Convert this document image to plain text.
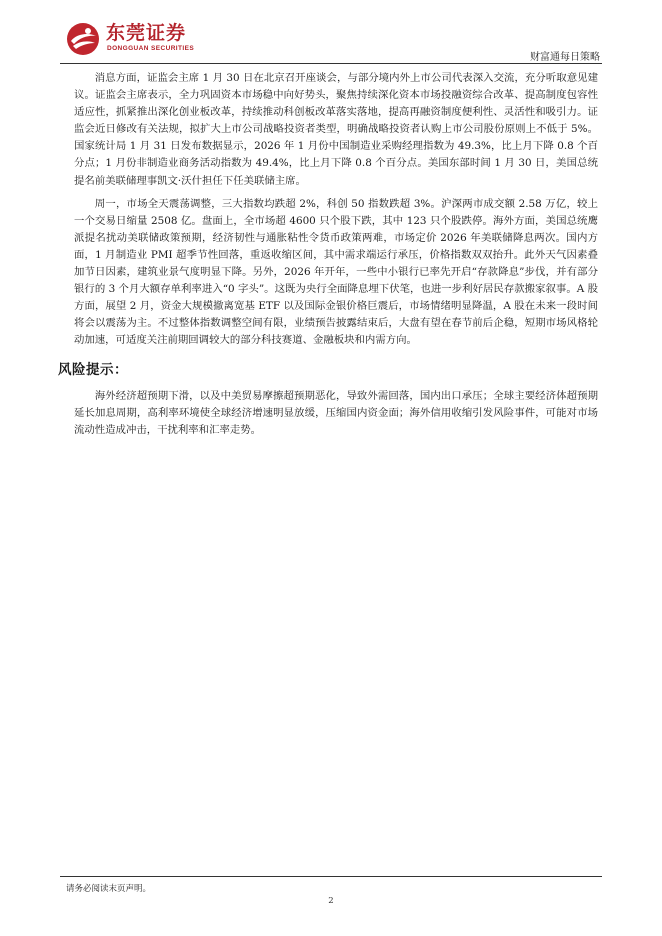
东莞证券
DONGGUAN SECURITIES
财富通每日策略

消息方面，证监会主席 1 月 30 日在北京召开座谈会，与部分境内外上市公司代表深入交流，充分听取意见建议。证监会主席表示，全力巩固资本市场稳中向好势头，聚焦持续深化资本市场投融资综合改革、提高制度包容性适应性，抓紧推出深化创业板改革，持续推动科创板改革落实落地，提高再融资制度便利性、灵活性和吸引力。证监会近日修改有关法规，拟扩大上市公司战略投资者类型，明确战略投资者认购上市公司股份原则上不低于 5%。国家统计局 1 月 31 日发布数据显示，2026 年 1 月份中国制造业采购经理指数为 49.3%，比上月下降 0.8 个百分点；1 月份非制造业商务活动指数为 49.4%，比上月下降 0.8 个百分点。美国东部时间 1 月 30 日，美国总统提名前美联储理事凯文·沃什担任下任美联储主席。

周一，市场全天震荡调整，三大指数均跌超 2%，科创 50 指数跌超 3%。沪深两市成交额 2.58 万亿，较上一个交易日缩量 2508 亿。盘面上，全市场超 4600 只个股下跌，其中 123 只个股跌停。海外方面，美国总统鹰派提名扰动美联储政策预期，经济韧性与通胀粘性令货币政策两难，市场定价 2026 年美联储降息两次。国内方面，1 月制造业 PMI 超季节性回落，重返收缩区间，其中需求端运行承压，价格指数双双抬升。此外天气因素叠加节日因素，建筑业景气度明显下降。另外，2026 年开年，一些中小银行已率先开启“存款降息”步伐，并有部分银行的 3 个月大额存单利率进入“0 字头”。这既为央行全面降息埋下伏笔，也进一步利好居民存款搬家叙事。A 股方面，展望 2 月，资金大规模撤离宽基 ETF 以及国际金银价格巨震后，市场情绪明显降温，A 股在未来一段时间将会以震荡为主。不过整体指数调整空间有限，业绩预告披露结束后，大盘有望在春节前后企稳，短期市场风格轮动加速，可适度关注前期回调较大的部分科技赛道、金融板块和内需方向。

风险提示：

海外经济超预期下滑，以及中美贸易摩擦超预期恶化，导致外需回落，国内出口承压；全球主要经济体超预期延长加息周期，高利率环境使全球经济增速明显放缓，压缩国内资金面；海外信用收缩引发风险事件，可能对市场流动性造成冲击，干扰利率和汇率走势。

请务必阅读末页声明。
2
